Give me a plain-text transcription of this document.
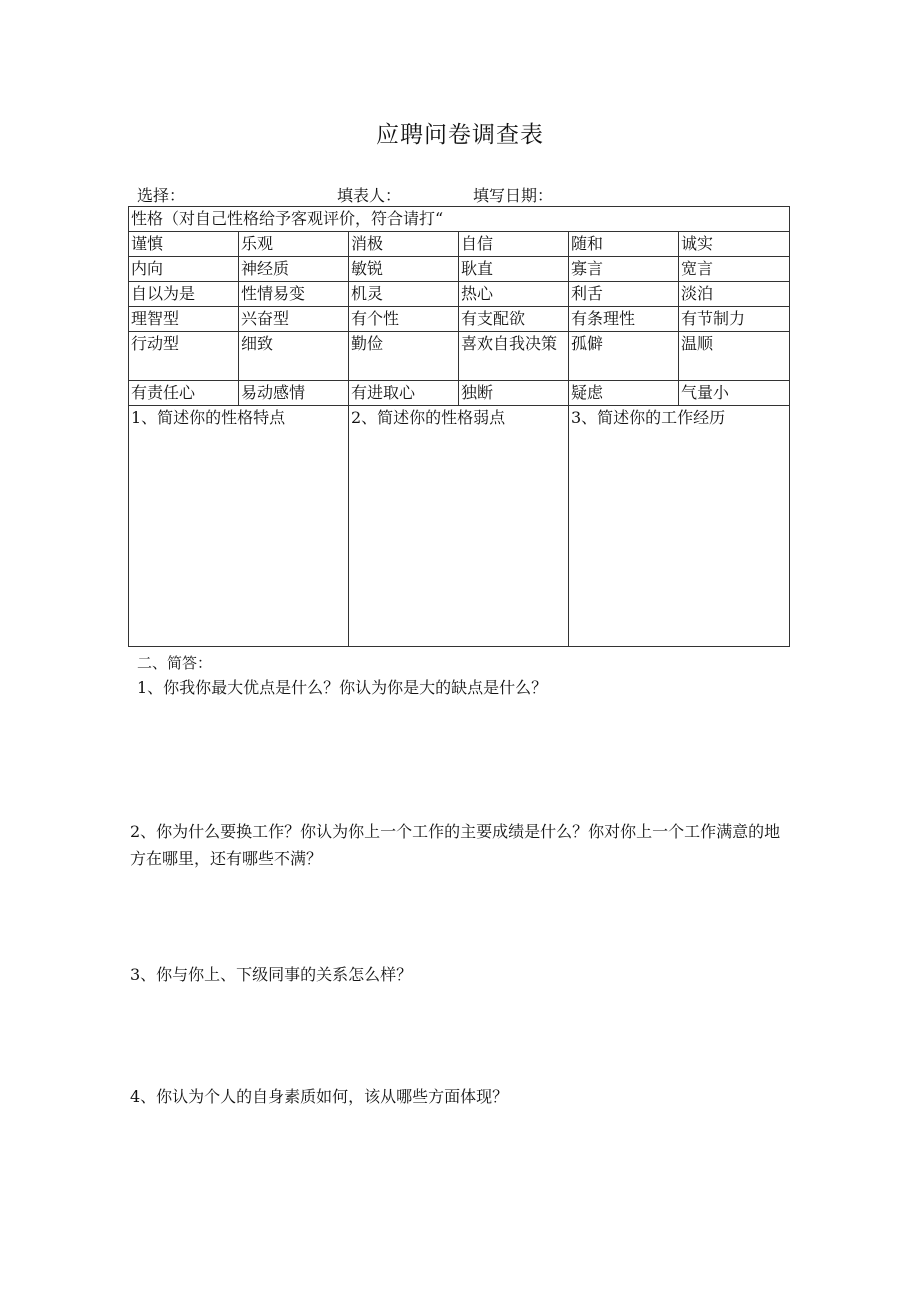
应聘问卷调查表
选择：	填表人：	填写日期：
性格（对自己性格给予客观评价，符合请打“					
谨慎	乐观	消极	自信	随和	诚实
内向	神经质	敏锐	耿直	寡言	宽言
自以为是	性情易变	机灵	热心	利舌	淡泊
理智型	兴奋型	有个性	有支配欲	有条理性	有节制力
行动型	细致	勤俭	喜欢自我决策	孤僻	温顺
有责任心	易动感情	有进取心	独断	疑虑	气量小
1、简述你的性格特点		2、简述你的性格弱点		3、简述你的工作经历	
二、简答：
1、你我你最大优点是什么？你认为你是大的缺点是什么？
2、你为什么要换工作？你认为你上一个工作的主要成绩是什么？你对你上一个工作满意的地方在哪里，还有哪些不满？
3、你与你上、下级同事的关系怎么样？
4、你认为个人的自身素质如何，该从哪些方面体现？
